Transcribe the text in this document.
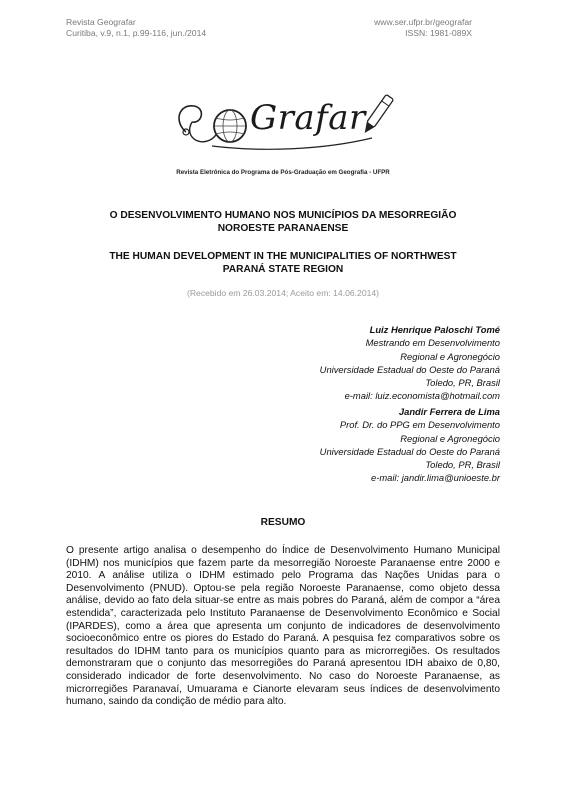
Revista Geografar
Curitiba, v.9, n.1, p.99-116, jun./2014
www.ser.ufpr.br/geografar
ISSN: 1981-089X
Grafar
Revista Eletrônica do Programa de Pós-Graduação em Geografia - UFPR
O DESENVOLVIMENTO HUMANO NOS MUNICÍPIOS DA MESORREGIÃO
NOROESTE PARANAENSE
THE HUMAN DEVELOPMENT IN THE MUNICIPALITIES OF NORTHWEST
PARANÁ STATE REGION
(Recebido em 26.03.2014; Aceito em: 14.06.2014)
Luiz Henrique Paloschi Tomé
Mestrando em Desenvolvimento
Regional e Agronegócio
Universidade Estadual do Oeste do Paraná
Toledo, PR, Brasil
e-mail: luiz.economista@hotmail.com
Jandir Ferrera de Lima
Prof. Dr. do PPG em Desenvolvimento
Regional e Agronegócio
Universidade Estadual do Oeste do Paraná
Toledo, PR, Brasil
e-mail: jandir.lima@unioeste.br
RESUMO

O presente artigo analisa o desempenho do Índice de Desenvolvimento Humano Municipal (IDHM) nos municípios que fazem parte da mesorregião Noroeste Paranaense entre 2000 e 2010. A análise utiliza o IDHM estimado pelo Programa das Nações Unidas para o Desenvolvimento (PNUD). Optou-se pela região Noroeste Paranaense, como objeto dessa análise, devido ao fato dela situar-se entre as mais pobres do Paraná, além de compor a “área estendida”, caracterizada pelo Instituto Paranaense de Desenvolvimento Econômico e Social (IPARDES), como a área que apresenta um conjunto de indicadores de desenvolvimento socioeconômico entre os piores do Estado do Paraná. A pesquisa fez comparativos sobre os resultados do IDHM tanto para os municípios quanto para as microrregiões. Os resultados demonstraram que o conjunto das mesorregiões do Paraná apresentou IDH abaixo de 0,80, considerado indicador de forte desenvolvimento. No caso do Noroeste Paranaense, as microrregiões Paranavaí, Umuarama e Cianorte elevaram seus índices de desenvolvimento humano, saindo da condição de médio para alto.
